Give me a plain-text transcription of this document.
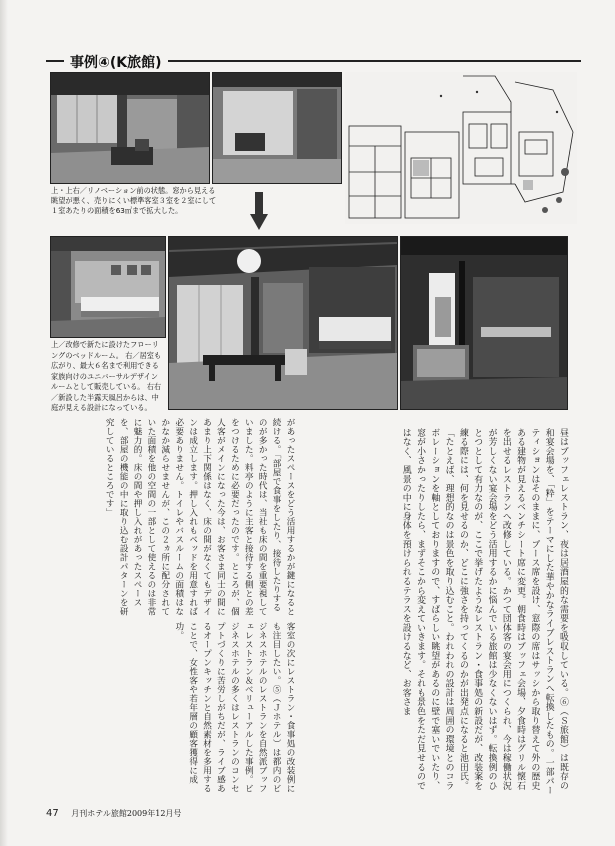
事例④(K旅館)
上・上右／リノベーション前の状態。窓から見える眺望が悪く、売りにくい標準客室３室を２室にして１室あたりの面積を63㎡まで拡大した。
上／改修で新たに設けたフローリングのベッドルーム。 右／居室も広がり、最大６名まで利用できる家族向けのユニバーサルデザインルームとして販売している。 右右／新設した半露天風呂からは、中庭が見える設計になっている。
昼はブッフェレストラン、夜は居酒屋的な需要を吸収している。⑥（Ｓ旅館）は既存の和宴会場を、「粋」をテーマにした華やかなライブレストランへ転換したもの。一部パーティションはそのままに、ブース席を設け、窓際の席はサッシから取り替えて外の歴史ある建物が見えるベンチシート席に変更。朝食時はブッフェ会場、夕食時はグリル懐石を出せるレストランへ改修している。かつて団体客の宴会用につくられ、今は稼働状況が芳しくない宴会場をどう活用するかに悩んでいる旅館は少なくないはず。転換例のひとつとして有力なのが、ここで挙げたようなレストラン・食事処の新設だが、改装案を練る際には、何を見せるのか、どこに強さを持ってくるのかが出発点になると池田氏。「たとえば、理想的なのは景色を取り込むこと。われわれの設計は周囲の環境とのコラボレーションを軸としておりますので、すばらしい眺望があるのに壁で塞いでいたり、窓が小さかったりしたら、まずそこから変えていきます。それも景色をただ見せるのではなく、風景の中に身体を預けられるテラスを設けるなど、お客さま
があったスペースをどう活用するかが鍵になると続ける。「部屋で食事をしたり、接待したりするのが多かった時代は、当社も床の間を重要視していました。料亭のように主客と接待する側との差をつけるために必要だったのです。ところが、個人客がメインになった今は、お客さま同士の間にあまり上下関係はなく、床の間がなくてもデザインは成立します。押し入れもベッドを用意すれば必要ありません。トイレやバスルームの面積はなかなか減らせませんが、この２ヵ所に配分されていた面積を他の空間の一部として使えるのは非常に魅力的。床の間や押し入れがあったスペースを、部屋の機能の中に取り込む設計パターンを研究しているところです」
客室の次にレストラン・食事処の改装例にも注目したい。⑤（Ｊホテル）は都内のビジネスホテルのレストランを自然派ブッフェレストラン＆ベリューアルした事例。ビジネスホテルの多くはレストランのコンセプトづくりに苦労しがちだが、ライブ感あるオープンキッチンと自然素材を多用することで、女性客や若年層の顧客獲得に成功。
47 月刊ホテル旅館2009年12月号
